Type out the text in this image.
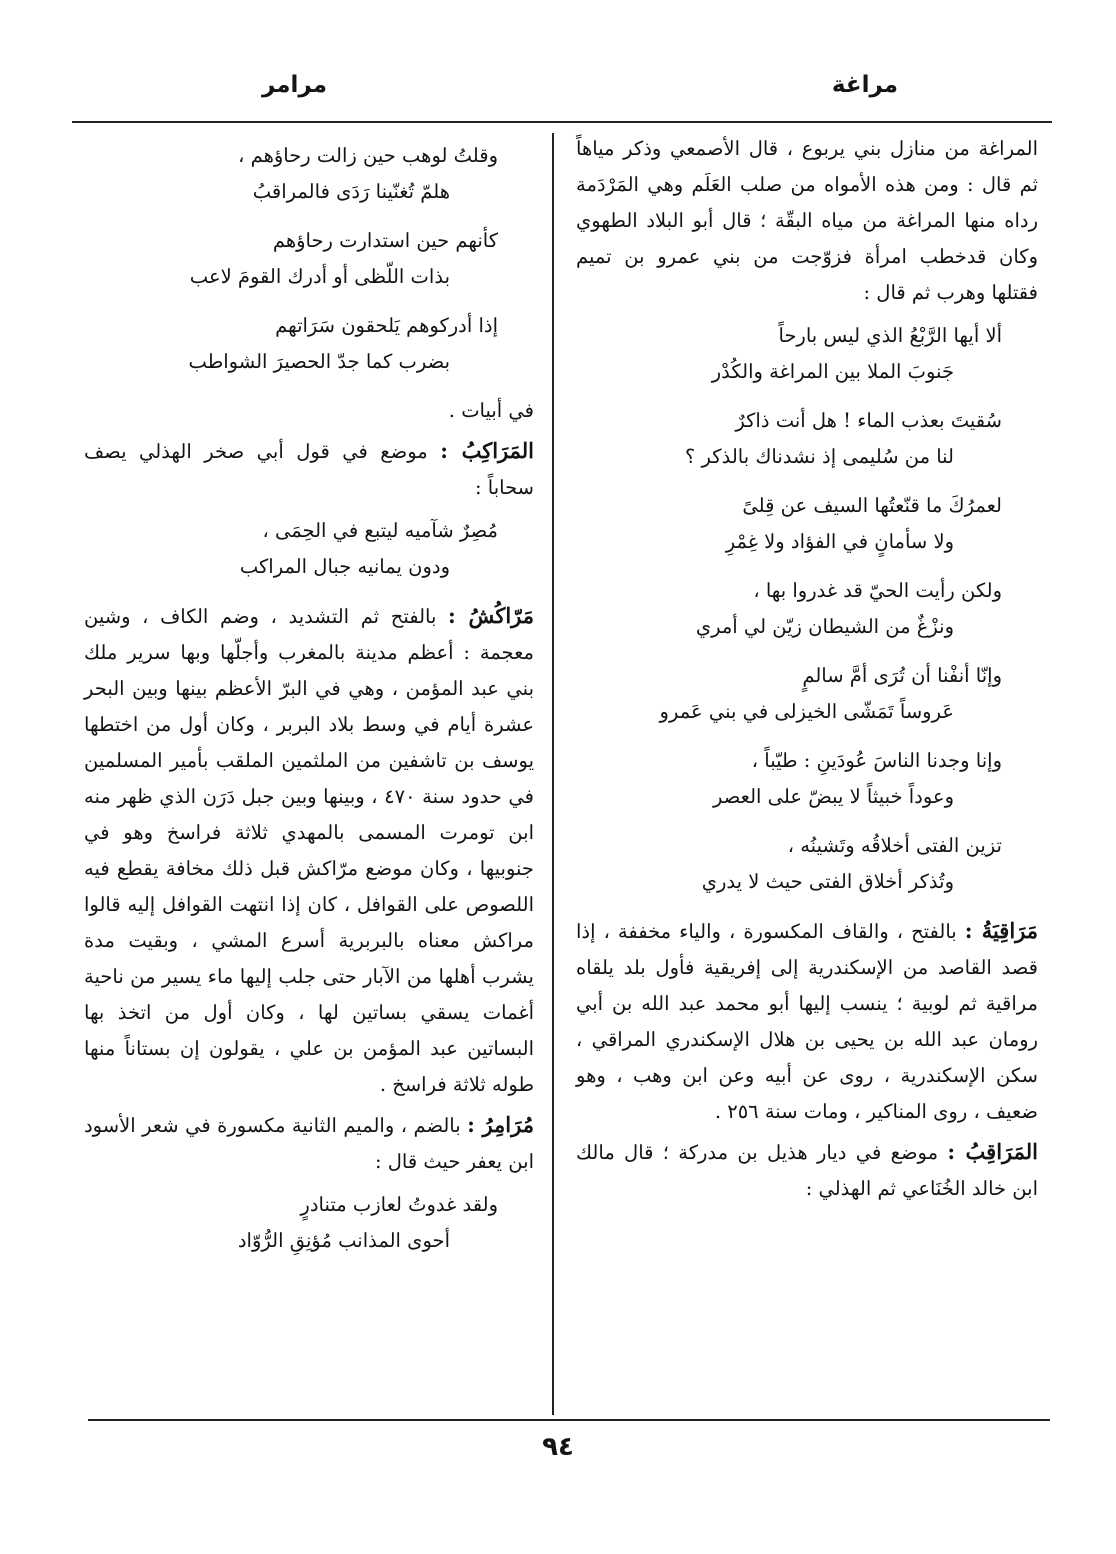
مراغة
مرامر

المراغة من منازل بني يربوع ، قال الأصمعي وذكر مياهاً ثم قال : ومن هذه الأمواه من صلب العَلَم وهي المَرْدَمة رداه منها المراغة من مياه البقّة ؛ قال أبو البلاد الطهوي وكان قدخطب امرأة فزوّجت من بني عمرو بن تميم فقتلها وهرب ثم قال :

ألا أيها الرَّبْعُ الذي ليس بارحاً
جَنوبَ الملا بين المراغة والكُدْر
سُقيتَ بعذب الماء ! هل أنت ذاكرٌ
لنا من سُليمى إذ نشدناك بالذكر ؟
لعمرُكَ ما قنّعتُها السيف عن قِلىً
ولا سأمانٍ في الفؤاد ولا غِمْرِ
ولكن رأيت الحيّ قد غدروا بها ،
ونزْغٌ من الشيطان زيّن لي أمري
وإنّا أنفْنا أن تُرَى أمَّ سالمٍ
عَروساً تَمَشّى الخيزلى في بني عَمرو
وإنا وجدنا الناسَ عُودَينِ : طيّباً ،
وعوداً خبيثاً لا يبضّ على العصر
تزين الفتى أخلاقُه وتَشينُه ،
وتُذكر أخلاق الفتى حيث لا يدري

مَرَاقِيَةُ : بالفتح ، والقاف المكسورة ، والياء مخففة ، إذا قصد القاصد من الإسكندرية إلى إفريقية فأول بلد يلقاه مراقية ثم لوبية ؛ ينسب إليها أبو محمد عبد الله بن أبي رومان عبد الله بن يحيى بن هلال الإسكندري المراقي ، سكن الإسكندرية ، روى عن أبيه وعن ابن وهب ، وهو ضعيف ، روى المناكير ، ومات سنة ٢٥٦ .

المَرَاقِبُ : موضع في ديار هذيل بن مدركة ؛ قال مالك ابن خالد الخُنَاعي ثم الهذلي :

وقلتُ لوهب حين زالت رحاؤهم ،
هلمّ تُغنّينا رَدَى فالمراقبُ
كأنهم حين استدارت رحاؤهم
بذات اللّظى أو أدرك القومَ لاعب
إذا أدركوهم يَلحقون سَرَاتهم
بضرب كما جدّ الحصيرَ الشواطب

في أبيات .

المَرَاكِبُ : موضع في قول أبي صخر الهذلي يصف سحاباً :

مُصِرٌ شآميه ليتبع في الحِمَى ،
ودون يمانيه جبال المراكب

مَرّاكُشُ : بالفتح ثم التشديد ، وضم الكاف ، وشين معجمة : أعظم مدينة بالمغرب وأجلّها وبها سرير ملك بني عبد المؤمن ، وهي في البرّ الأعظم بينها وبين البحر عشرة أيام في وسط بلاد البربر ، وكان أول من اختطها يوسف بن تاشفين من الملثمين الملقب بأمير المسلمين في حدود سنة ٤٧٠ ، وبينها وبين جبل دَرَن الذي ظهر منه ابن تومرت المسمى بالمهدي ثلاثة فراسخ وهو في جنوبيها ، وكان موضع مرّاكش قبل ذلك مخافة يقطع فيه اللصوص على القوافل ، كان إذا انتهت القوافل إليه قالوا مراكش معناه بالبربرية أسرع المشي ، وبقيت مدة يشرب أهلها من الآبار حتى جلب إليها ماء يسير من ناحية أغمات يسقي بساتين لها ، وكان أول من اتخذ بها البساتين عبد المؤمن بن علي ، يقولون إن بستاناً منها طوله ثلاثة فراسخ .

مُرَامِرُ : بالضم ، والميم الثانية مكسورة في شعر الأسود ابن يعفر حيث قال :

ولقد غدوتُ لعازب متنادرٍ
أحوى المذانب مُؤنِقِ الرُّوّاد
٩٤
